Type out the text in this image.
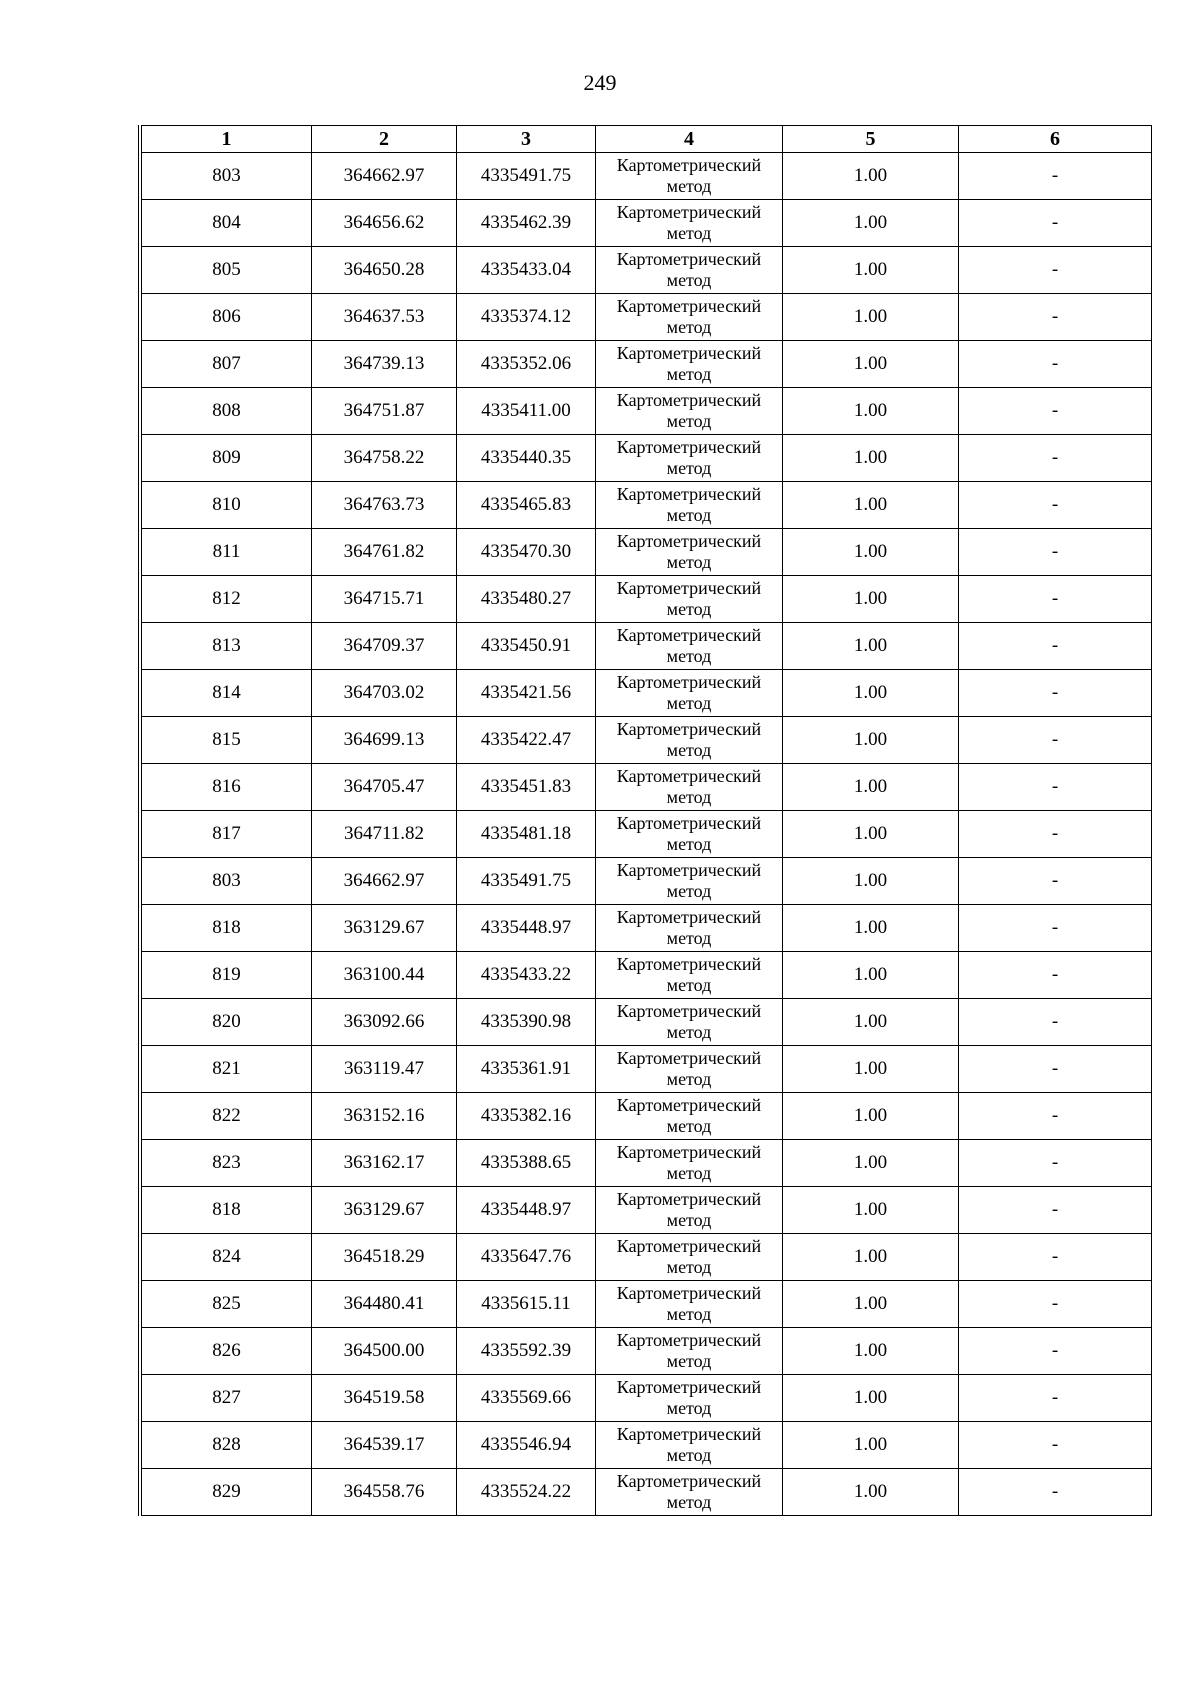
249
1	2	3	4	5	6
803	364662.97	4335491.75	Картометрический метод	1.00	-
804	364656.62	4335462.39	Картометрический метод	1.00	-
805	364650.28	4335433.04	Картометрический метод	1.00	-
806	364637.53	4335374.12	Картометрический метод	1.00	-
807	364739.13	4335352.06	Картометрический метод	1.00	-
808	364751.87	4335411.00	Картометрический метод	1.00	-
809	364758.22	4335440.35	Картометрический метод	1.00	-
810	364763.73	4335465.83	Картометрический метод	1.00	-
811	364761.82	4335470.30	Картометрический метод	1.00	-
812	364715.71	4335480.27	Картометрический метод	1.00	-
813	364709.37	4335450.91	Картометрический метод	1.00	-
814	364703.02	4335421.56	Картометрический метод	1.00	-
815	364699.13	4335422.47	Картометрический метод	1.00	-
816	364705.47	4335451.83	Картометрический метод	1.00	-
817	364711.82	4335481.18	Картометрический метод	1.00	-
803	364662.97	4335491.75	Картометрический метод	1.00	-
818	363129.67	4335448.97	Картометрический метод	1.00	-
819	363100.44	4335433.22	Картометрический метод	1.00	-
820	363092.66	4335390.98	Картометрический метод	1.00	-
821	363119.47	4335361.91	Картометрический метод	1.00	-
822	363152.16	4335382.16	Картометрический метод	1.00	-
823	363162.17	4335388.65	Картометрический метод	1.00	-
818	363129.67	4335448.97	Картометрический метод	1.00	-
824	364518.29	4335647.76	Картометрический метод	1.00	-
825	364480.41	4335615.11	Картометрический метод	1.00	-
826	364500.00	4335592.39	Картометрический метод	1.00	-
827	364519.58	4335569.66	Картометрический метод	1.00	-
828	364539.17	4335546.94	Картометрический метод	1.00	-
829	364558.76	4335524.22	Картометрический метод	1.00	-
